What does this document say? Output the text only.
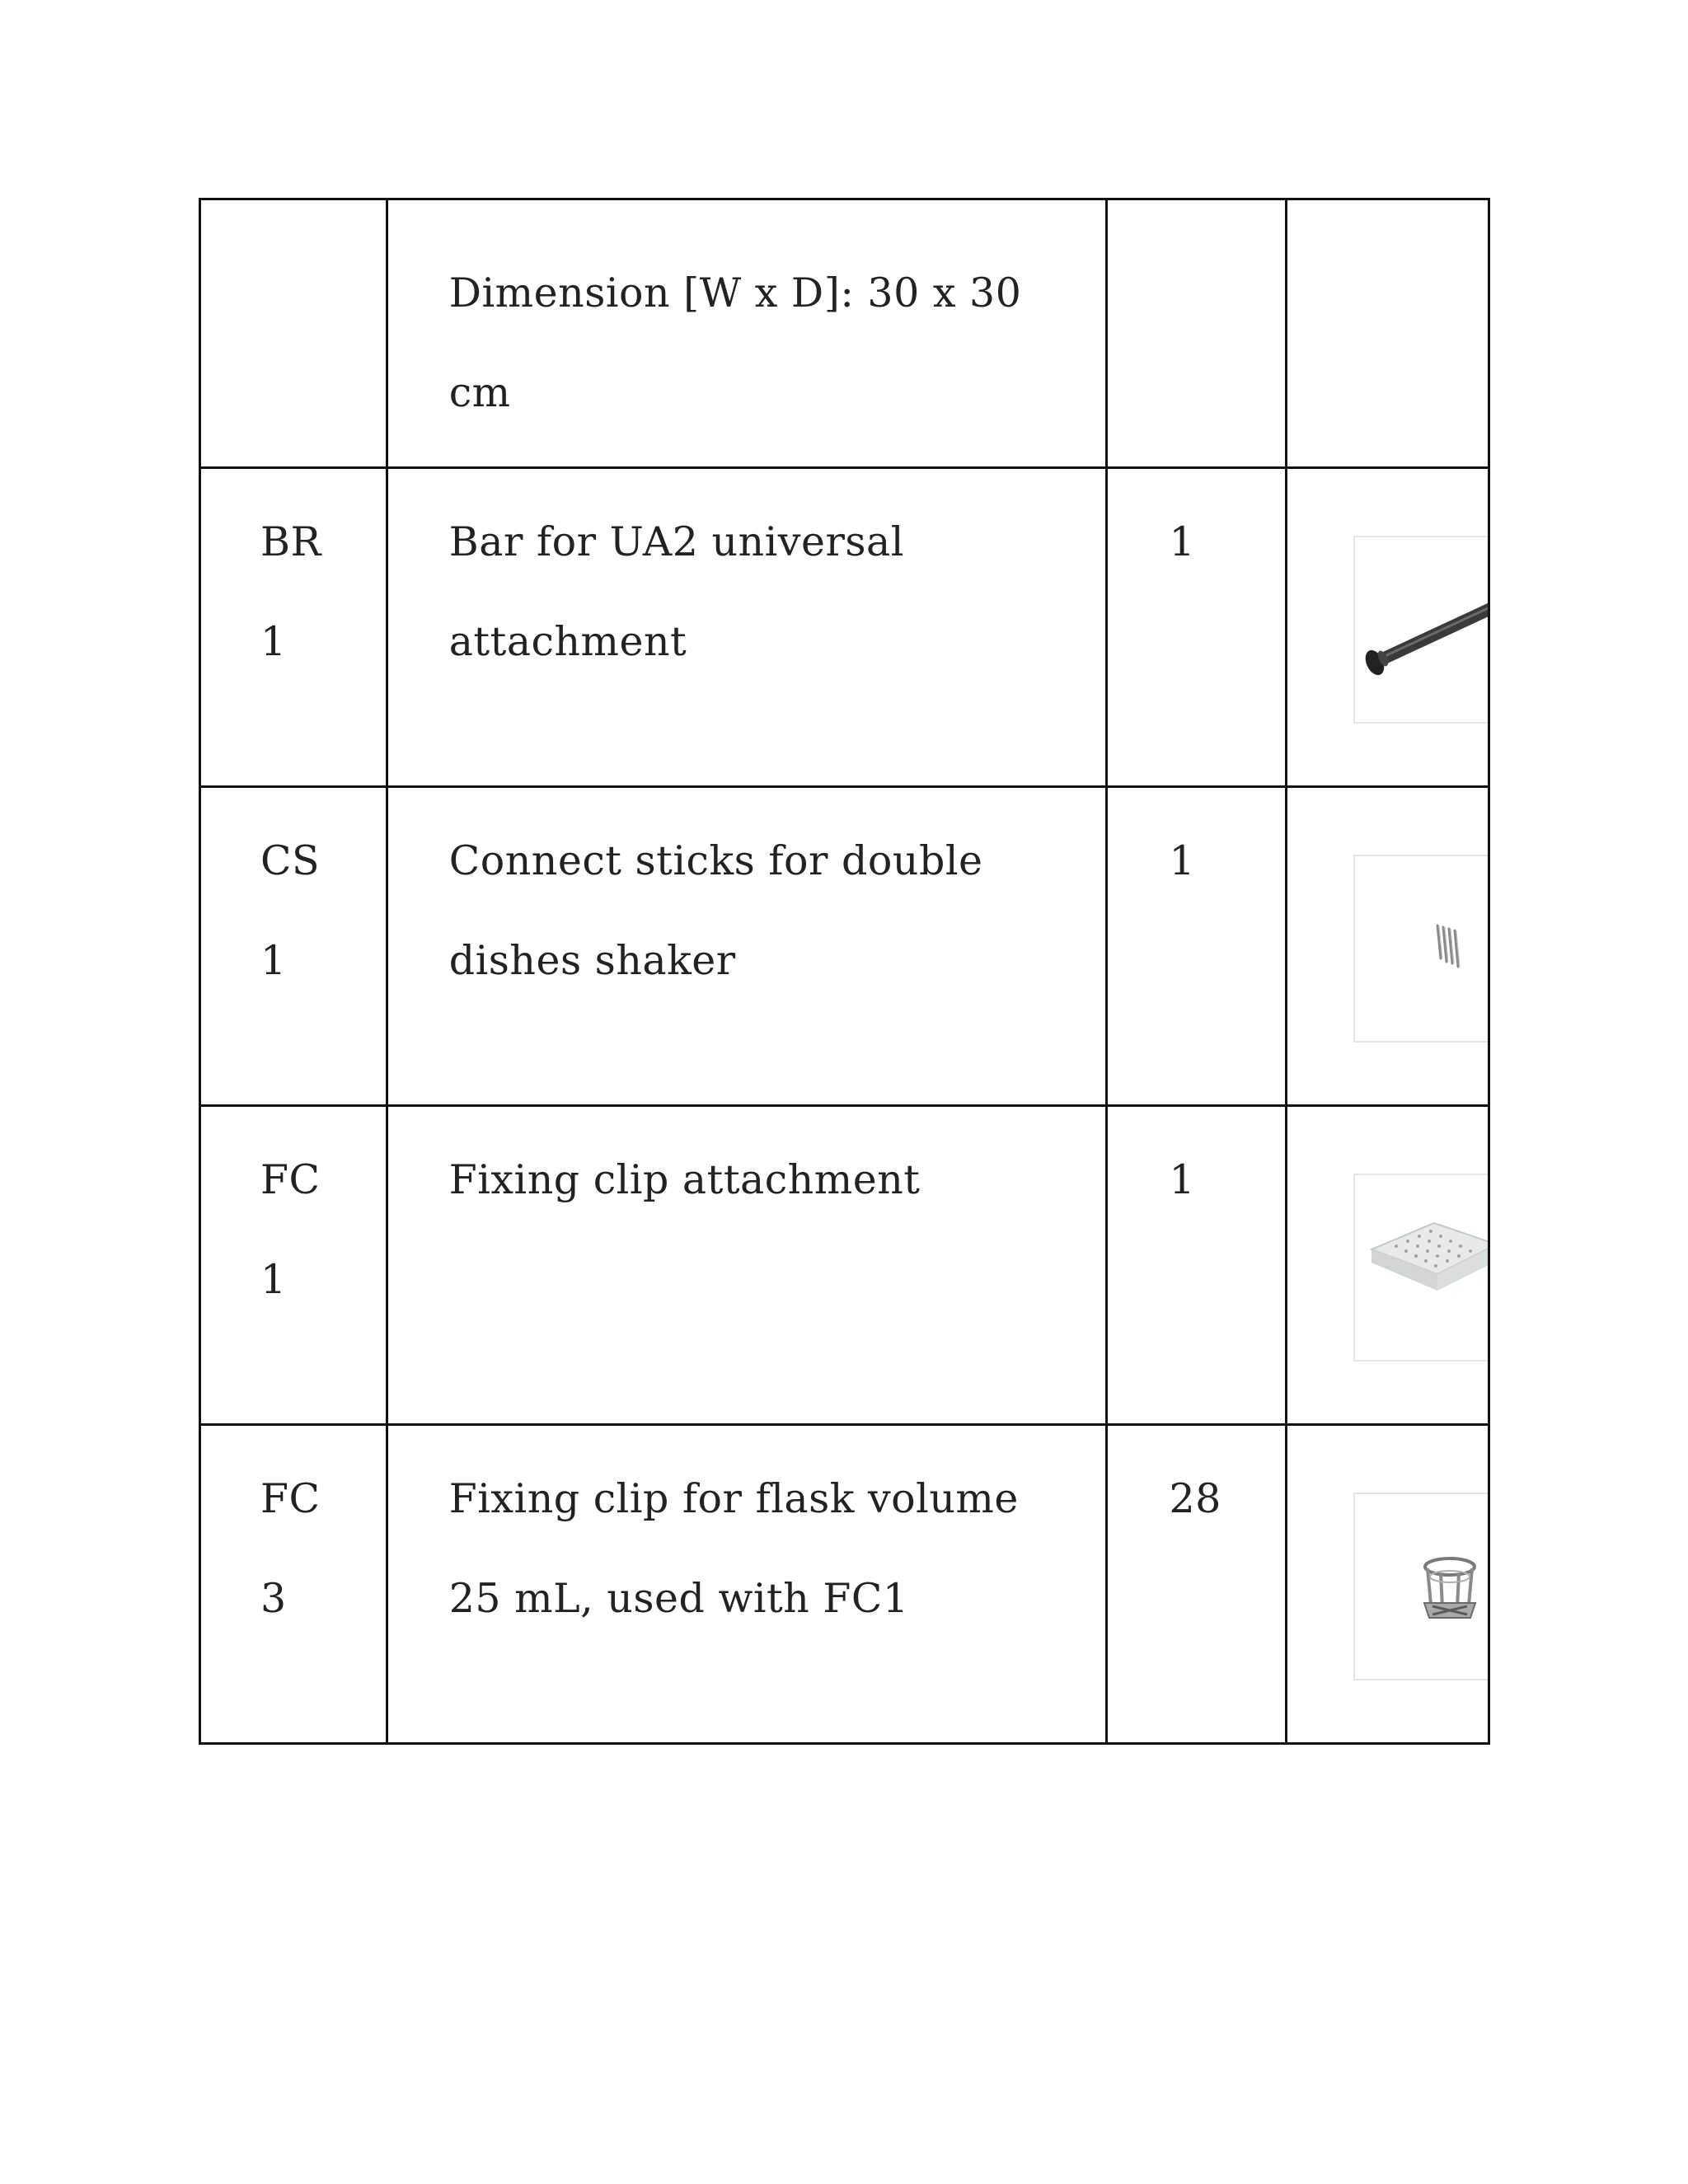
	Dimension [W x D]: 30 x 30 cm		

BR
1	Bar for UA2 universal attachment	1

CS
1	Connect sticks for double dishes shaker	1

FC
1	Fixing clip attachment	1

FC
3	Fixing clip for flask volume 25 mL, used with FC1	28
